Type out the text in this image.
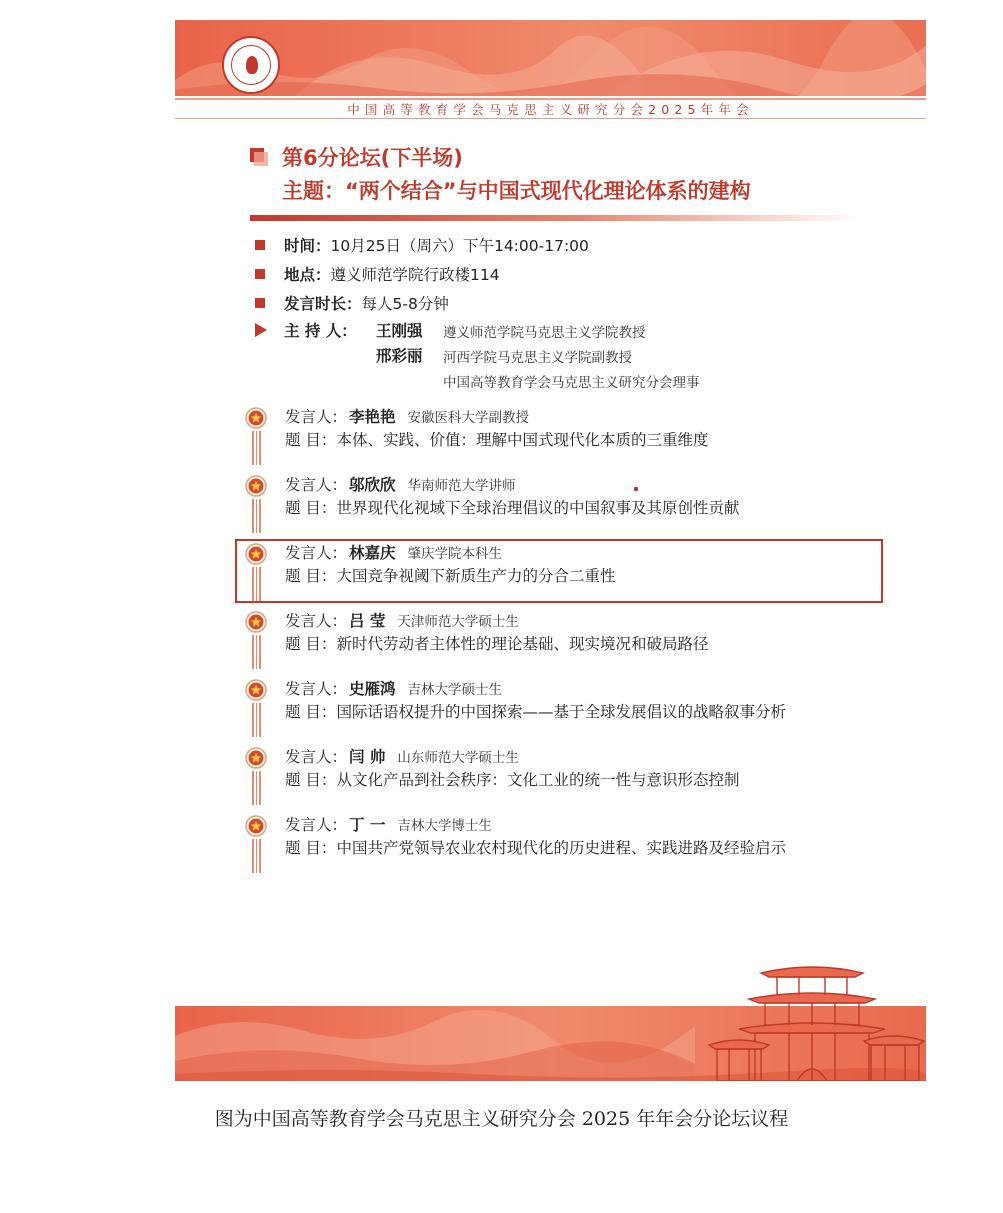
中国高等教育学会马克思主义研究分会2025年年会
第6分论坛(下半场)
主题：“两个结合”与中国式现代化理论体系的建构
时间：10月25日（周六）下午14:00-17:00
地点：遵义师范学院行政楼114
发言时长：每人5-8分钟
主 持 人： 王刚强 遵义师范学院马克思主义学院教授
邢彩丽 河西学院马克思主义学院副教授
中国高等教育学会马克思主义研究分会理事
发言人： 李艳艳 安徽医科大学副教授
题 目：本体、实践、价值：理解中国式现代化本质的三重维度
发言人： 邬欣欣 华南师范大学讲师
题 目：世界现代化视域下全球治理倡议的中国叙事及其原创性贡献
发言人： 林嘉庆 肇庆学院本科生
题 目：大国竞争视阈下新质生产力的分合二重性
发言人： 吕 莹 天津师范大学硕士生
题 目：新时代劳动者主体性的理论基础、现实境况和破局路径
发言人： 史雁鸿 吉林大学硕士生
题 目：国际话语权提升的中国探索——基于全球发展倡议的战略叙事分析
发言人： 闫 帅 山东师范大学硕士生
题 目：从文化产品到社会秩序：文化工业的统一性与意识形态控制
发言人： 丁 一 吉林大学博士生
题 目：中国共产党领导农业农村现代化的历史进程、实践进路及经验启示
图为中国高等教育学会马克思主义研究分会 2025 年年会分论坛议程
